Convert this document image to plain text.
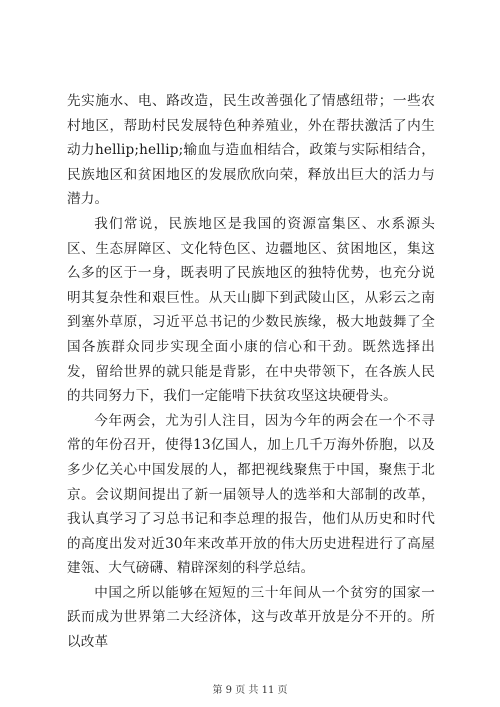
先实施水、电、路改造，民生改善强化了情感纽带；一些农村地区，帮助村民发展特色种养殖业，外在帮扶激活了内生动力hellip;hellip;输血与造血相结合，政策与实际相结合，民族地区和贫困地区的发展欣欣向荣，释放出巨大的活力与潜力。

我们常说，民族地区是我国的资源富集区、水系源头区、生态屏障区、文化特色区、边疆地区、贫困地区，集这么多的区于一身，既表明了民族地区的独特优势，也充分说明其复杂性和艰巨性。从天山脚下到武陵山区，从彩云之南到塞外草原，习近平总书记的少数民族缘，极大地鼓舞了全国各族群众同步实现全面小康的信心和干劲。既然选择出发，留给世界的就只能是背影，在中央带领下，在各族人民的共同努力下，我们一定能啃下扶贫攻坚这块硬骨头。

今年两会，尤为引人注目，因为今年的两会在一个不寻常的年份召开，使得13亿国人，加上几千万海外侨胞，以及多少亿关心中国发展的人，都把视线聚焦于中国，聚焦于北京。会议期间提出了新一届领导人的选举和大部制的改革，我认真学习了习总书记和李总理的报告，他们从历史和时代的高度出发对近30年来改革开放的伟大历史进程进行了高屋建瓴、大气磅礴、精辟深刻的科学总结。

中国之所以能够在短短的三十年间从一个贫穷的国家一跃而成为世界第二大经济体，这与改革开放是分不开的。所以改革

第 9 页 共 11 页
